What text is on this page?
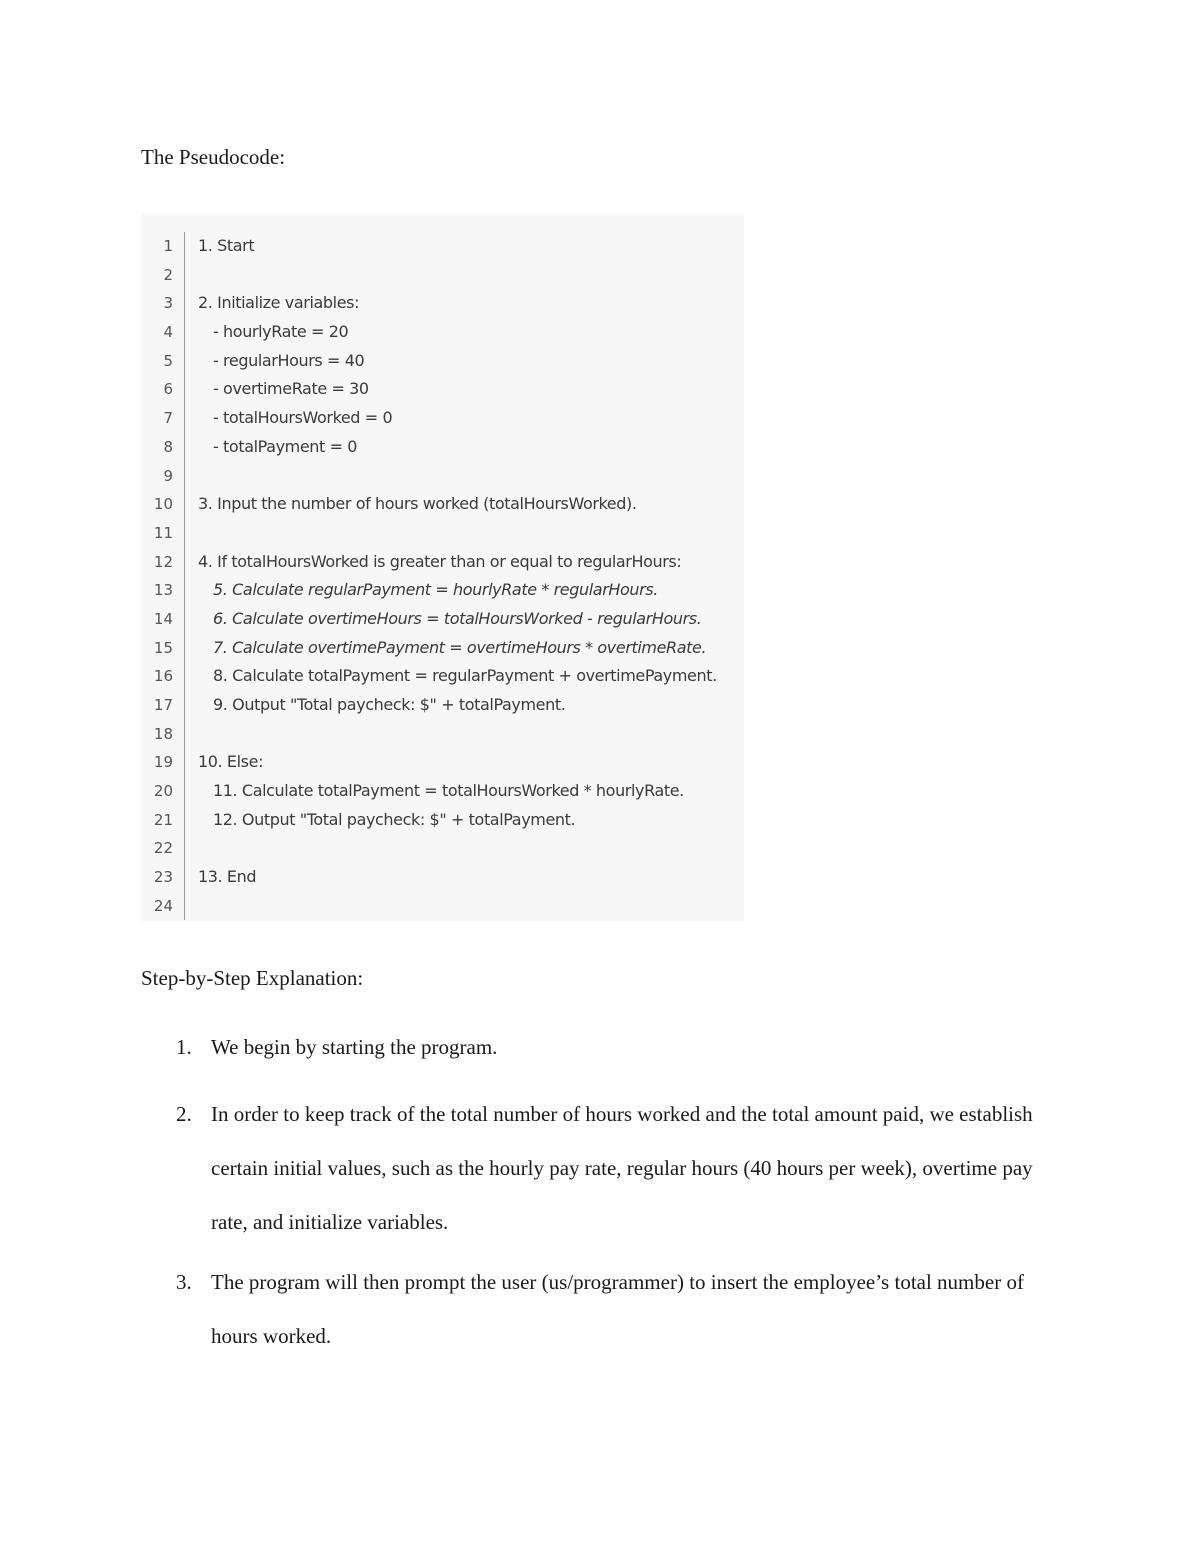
The Pseudocode:
1 1. Start
2
3 2. Initialize variables:
4	- hourlyRate = 20
5	- regularHours = 40
6	- overtimeRate = 30
7	- totalHoursWorked = 0
8	- totalPayment = 0
9
10 3. Input the number of hours worked (totalHoursWorked).
11
12 4. If totalHoursWorked is greater than or equal to regularHours:
13	5. Calculate regularPayment = hourlyRate * regularHours.
14	6. Calculate overtimeHours = totalHoursWorked - regularHours.
15	7. Calculate overtimePayment = overtimeHours * overtimeRate.
16	8. Calculate totalPayment = regularPayment + overtimePayment.
17	9. Output "Total paycheck: $" + totalPayment.
18
19 10. Else:
20	11. Calculate totalPayment = totalHoursWorked * hourlyRate.
21	12. Output "Total paycheck: $" + totalPayment.
22
23 13. End
24
Step-by-Step Explanation:
1. We begin by starting the program.
2. In order to keep track of the total number of hours worked and the total amount paid, we establish certain initial values, such as the hourly pay rate, regular hours (40 hours per week), overtime pay rate, and initialize variables.
3. The program will then prompt the user (us/programmer) to insert the employee’s total number of hours worked.
